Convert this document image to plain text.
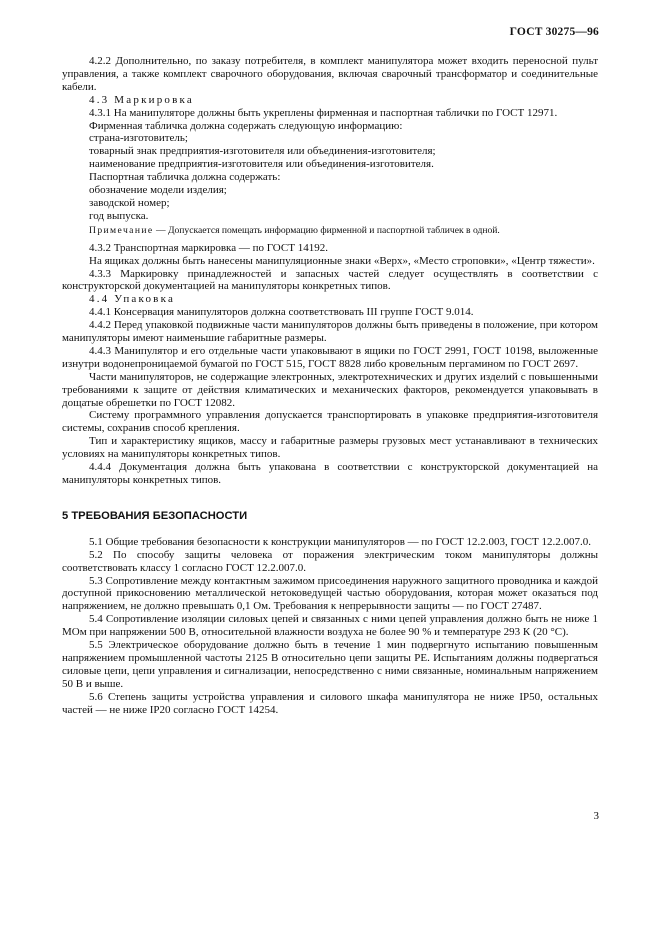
ГОСТ 30275—96

4.2.2 Дополнительно, по заказу потребителя, в комплект манипулятора может входить переносной пульт управления, а также комплект сварочного оборудования, включая сварочный трансформатор и соединительные кабели.

4.3 Маркировка

4.3.1 На манипуляторе должны быть укреплены фирменная и паспортная таблички по ГОСТ 12971.

Фирменная табличка должна содержать следующую информацию:

страна-изготовитель;

товарный знак предприятия-изготовителя или объединения-изготовителя;

наименование предприятия-изготовителя или объединения-изготовителя.

Паспортная табличка должна содержать:

обозначение модели изделия;

заводской номер;

год выпуска.

Примечание — Допускается помещать информацию фирменной и паспортной табличек в одной.

4.3.2 Транспортная маркировка — по ГОСТ 14192.

На ящиках должны быть нанесены манипуляционные знаки «Верх», «Место строповки», «Центр тяжести».

4.3.3 Маркировку принадлежностей и запасных частей следует осуществлять в соответствии с конструкторской документацией на манипуляторы конкретных типов.

4.4 Упаковка

4.4.1 Консервация манипуляторов должна соответствовать III группе ГОСТ 9.014.

4.4.2 Перед упаковкой подвижные части манипуляторов должны быть приведены в положение, при котором манипуляторы имеют наименьшие габаритные размеры.

4.4.3 Манипулятор и его отдельные части упаковывают в ящики по ГОСТ 2991, ГОСТ 10198, выложенные изнутри водонепроницаемой бумагой по ГОСТ 515, ГОСТ 8828 либо кровельным пергамином по ГОСТ 2697.

Части манипуляторов, не содержащие электронных, электротехнических и других изделий с повышенными требованиями к защите от действия климатических и механических факторов, рекомендуется упаковывать в дощатые обрешетки по ГОСТ 12082.

Систему программного управления допускается транспортировать в упаковке предприятия-изготовителя системы, сохранив способ крепления.

Тип и характеристику ящиков, массу и габаритные размеры грузовых мест устанавливают в технических условиях на манипуляторы конкретных типов.

4.4.4 Документация должна быть упакована в соответствии с конструкторской документацией на манипуляторы конкретных типов.

5 ТРЕБОВАНИЯ БЕЗОПАСНОСТИ

5.1 Общие требования безопасности к конструкции манипуляторов — по ГОСТ 12.2.003, ГОСТ 12.2.007.0.

5.2 По способу защиты человека от поражения электрическим током манипуляторы должны соответствовать классу 1 согласно ГОСТ 12.2.007.0.

5.3 Сопротивление между контактным зажимом присоединения наружного защитного проводника и каждой доступной прикосновению металлической нетоковедущей частью оборудования, которая может оказаться под напряжением, не должно превышать 0,1 Ом. Требования к непрерывности защиты — по ГОСТ 27487.

5.4 Сопротивление изоляции силовых цепей и связанных с ними цепей управления должно быть не ниже 1 МОм при напряжении 500 В, относительной влажности воздуха не более 90 % и температуре 293 К (20 °С).

5.5 Электрическое оборудование должно быть в течение 1 мин подвергнуто испытанию повышенным напряжением промышленной частоты 2125 В относительно цепи защиты РЕ. Испытаниям должны подвергаться силовые цепи, цепи управления и сигнализации, непосредственно с ними связанные, номинальным напряжением 50 В и выше.

5.6 Степень защиты устройства управления и силового шкафа манипулятора не ниже IP50, остальных частей — не ниже IP20 согласно ГОСТ 14254.

3
